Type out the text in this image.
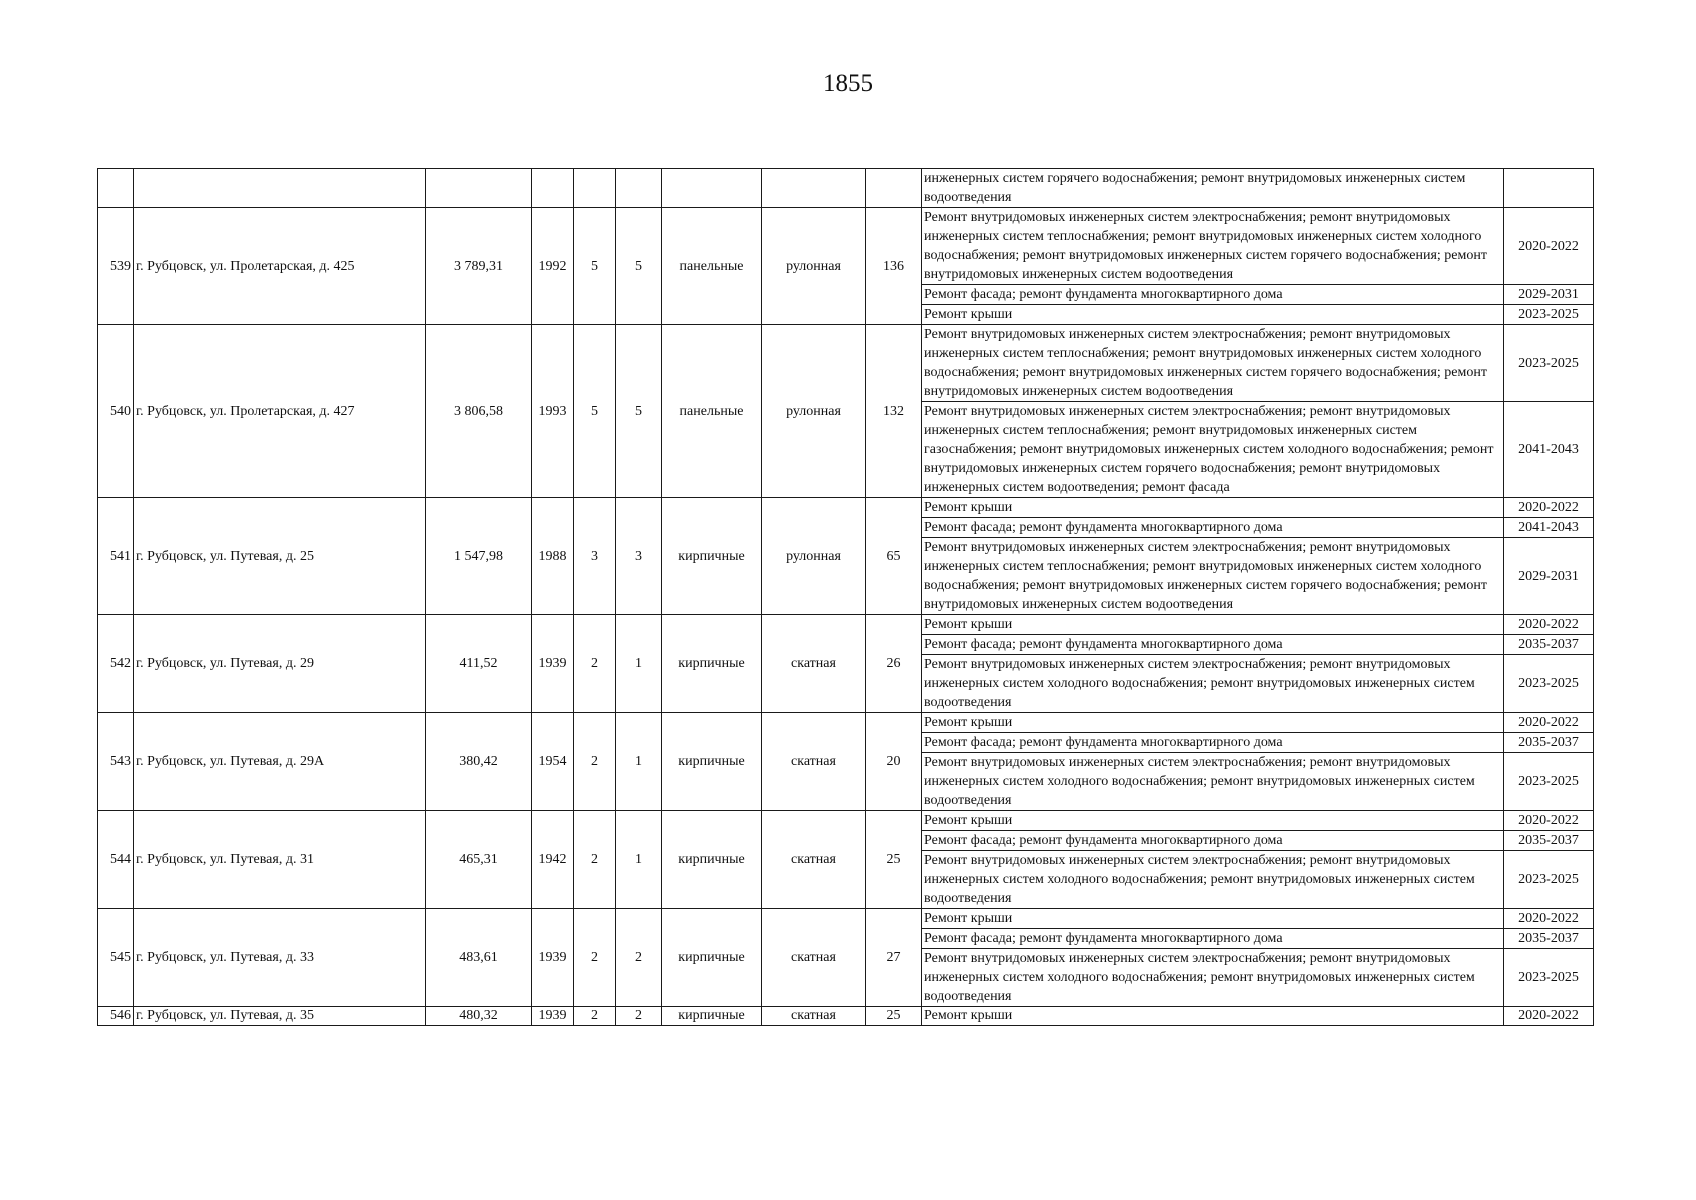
1855
									инженерных систем горячего водоснабжения; ремонт внутридомовых инженерных систем водоотведения	
539	г. Рубцовск, ул. Пролетарская, д. 425	3 789,31	1992	5	5	панельные	рулонная	136	Ремонт внутридомовых инженерных систем электроснабжения; ремонт внутридомовых инженерных систем теплоснабжения; ремонт внутридомовых инженерных систем холодного водоснабжения; ремонт внутридомовых инженерных систем горячего водоснабжения; ремонт внутридомовых инженерных систем водоотведения	2020-2022
									Ремонт фасада; ремонт фундамента многоквартирного дома	2029-2031
									Ремонт крыши	2023-2025
540	г. Рубцовск, ул. Пролетарская, д. 427	3 806,58	1993	5	5	панельные	рулонная	132	Ремонт внутридомовых инженерных систем электроснабжения; ремонт внутридомовых инженерных систем теплоснабжения; ремонт внутридомовых инженерных систем холодного водоснабжения; ремонт внутридомовых инженерных систем горячего водоснабжения; ремонт внутридомовых инженерных систем водоотведения	2023-2025
									Ремонт внутридомовых инженерных систем электроснабжения; ремонт внутридомовых инженерных систем теплоснабжения; ремонт внутридомовых инженерных систем газоснабжения; ремонт внутридомовых инженерных систем холодного водоснабжения; ремонт внутридомовых инженерных систем горячего водоснабжения; ремонт внутридомовых инженерных систем водоотведения; ремонт фасада	2041-2043
541	г. Рубцовск, ул. Путевая, д. 25	1 547,98	1988	3	3	кирпичные	рулонная	65	Ремонт крыши	2020-2022
									Ремонт фасада; ремонт фундамента многоквартирного дома	2041-2043
									Ремонт внутридомовых инженерных систем электроснабжения; ремонт внутридомовых инженерных систем теплоснабжения; ремонт внутридомовых инженерных систем холодного водоснабжения; ремонт внутридомовых инженерных систем горячего водоснабжения; ремонт внутридомовых инженерных систем водоотведения	2029-2031
542	г. Рубцовск, ул. Путевая, д. 29	411,52	1939	2	1	кирпичные	скатная	26	Ремонт крыши	2020-2022
									Ремонт фасада; ремонт фундамента многоквартирного дома	2035-2037
									Ремонт внутридомовых инженерных систем электроснабжения; ремонт внутридомовых инженерных систем холодного водоснабжения; ремонт внутридомовых инженерных систем водоотведения	2023-2025
543	г. Рубцовск, ул. Путевая, д. 29А	380,42	1954	2	1	кирпичные	скатная	20	Ремонт крыши	2020-2022
									Ремонт фасада; ремонт фундамента многоквартирного дома	2035-2037
									Ремонт внутридомовых инженерных систем электроснабжения; ремонт внутридомовых инженерных систем холодного водоснабжения; ремонт внутридомовых инженерных систем водоотведения	2023-2025
544	г. Рубцовск, ул. Путевая, д. 31	465,31	1942	2	1	кирпичные	скатная	25	Ремонт крыши	2020-2022
									Ремонт фасада; ремонт фундамента многоквартирного дома	2035-2037
									Ремонт внутридомовых инженерных систем электроснабжения; ремонт внутридомовых инженерных систем холодного водоснабжения; ремонт внутридомовых инженерных систем водоотведения	2023-2025
545	г. Рубцовск, ул. Путевая, д. 33	483,61	1939	2	2	кирпичные	скатная	27	Ремонт крыши	2020-2022
									Ремонт фасада; ремонт фундамента многоквартирного дома	2035-2037
									Ремонт внутридомовых инженерных систем электроснабжения; ремонт внутридомовых инженерных систем холодного водоснабжения; ремонт внутридомовых инженерных систем водоотведения	2023-2025
546	г. Рубцовск, ул. Путевая, д. 35	480,32	1939	2	2	кирпичные	скатная	25	Ремонт крыши	2020-2022
